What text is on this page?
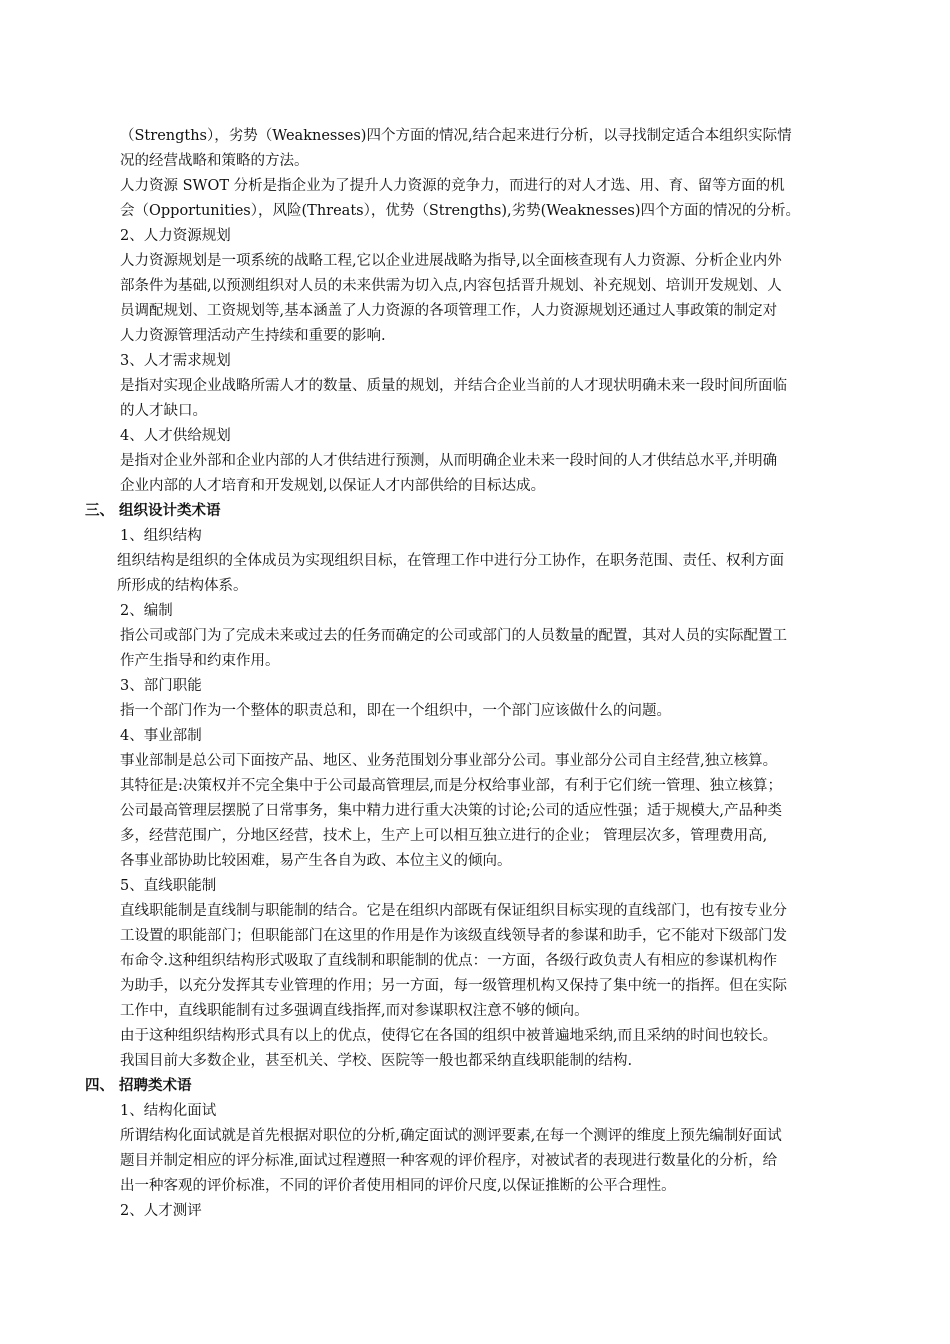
（Strengths），劣势（Weaknesses)四个方面的情况,结合起来进行分析，以寻找制定适合本组织实际情
况的经营战略和策略的方法。
人力资源 SWOT 分析是指企业为了提升人力资源的竞争力，而进行的对人才选、用、育、留等方面的机
会（Opportunities），风险(Threats），优势（Strengths),劣势(Weaknesses)四个方面的情况的分析。
2、人力资源规划
人力资源规划是一项系统的战略工程,它以企业进展战略为指导,以全面核查现有人力资源、分析企业内外
部条件为基础,以预测组织对人员的未来供需为切入点,内容包括晋升规划、补充规划、培训开发规划、人
员调配规划、工资规划等,基本涵盖了人力资源的各项管理工作，人力资源规划还通过人事政策的制定对
人力资源管理活动产生持续和重要的影响.
3、人才需求规划
是指对实现企业战略所需人才的数量、质量的规划，并结合企业当前的人才现状明确未来一段时间所面临
的人才缺口。
4、人才供给规划
是指对企业外部和企业内部的人才供结进行预测，从而明确企业未来一段时间的人才供结总水平,并明确
企业内部的人才培育和开发规划,以保证人才内部供给的目标达成。
三、 组织设计类术语
1、组织结构
组织结构是组织的全体成员为实现组织目标，在管理工作中进行分工协作，在职务范围、责任、权利方面
所形成的结构体系。
2、编制
指公司或部门为了完成未来或过去的任务而确定的公司或部门的人员数量的配置，其对人员的实际配置工
作产生指导和约束作用。
3、部门职能
指一个部门作为一个整体的职责总和，即在一个组织中，一个部门应该做什么的问题。
4、事业部制
事业部制是总公司下面按产品、地区、业务范围划分事业部分公司。事业部分公司自主经营,独立核算。
其特征是:决策权并不完全集中于公司最高管理层,而是分权给事业部，有利于它们统一管理、独立核算；
公司最高管理层摆脱了日常事务，集中精力进行重大决策的讨论;公司的适应性强；适于规模大,产品种类
多，经营范围广，分地区经营，技术上，生产上可以相互独立进行的企业； 管理层次多，管理费用高,
各事业部协助比较困难，易产生各自为政、本位主义的倾向。
5、直线职能制
直线职能制是直线制与职能制的结合。它是在组织内部既有保证组织目标实现的直线部门，也有按专业分
工设置的职能部门；但职能部门在这里的作用是作为该级直线领导者的参谋和助手，它不能对下级部门发
布命令.这种组织结构形式吸取了直线制和职能制的优点：一方面，各级行政负责人有相应的参谋机构作
为助手，以充分发挥其专业管理的作用；另一方面，每一级管理机构又保持了集中统一的指挥。但在实际
工作中，直线职能制有过多强调直线指挥,而对参谋职权注意不够的倾向。
由于这种组织结构形式具有以上的优点，使得它在各国的组织中被普遍地采纳,而且采纳的时间也较长。
我国目前大多数企业，甚至机关、学校、医院等一般也都采纳直线职能制的结构.
四、 招聘类术语
1、结构化面试
所谓结构化面试就是首先根据对职位的分析,确定面试的测评要素,在每一个测评的维度上预先编制好面试
题目并制定相应的评分标准,面试过程遵照一种客观的评价程序，对被试者的表现进行数量化的分析，给
出一种客观的评价标准，不同的评价者使用相同的评价尺度,以保证推断的公平合理性。
2、人才测评
